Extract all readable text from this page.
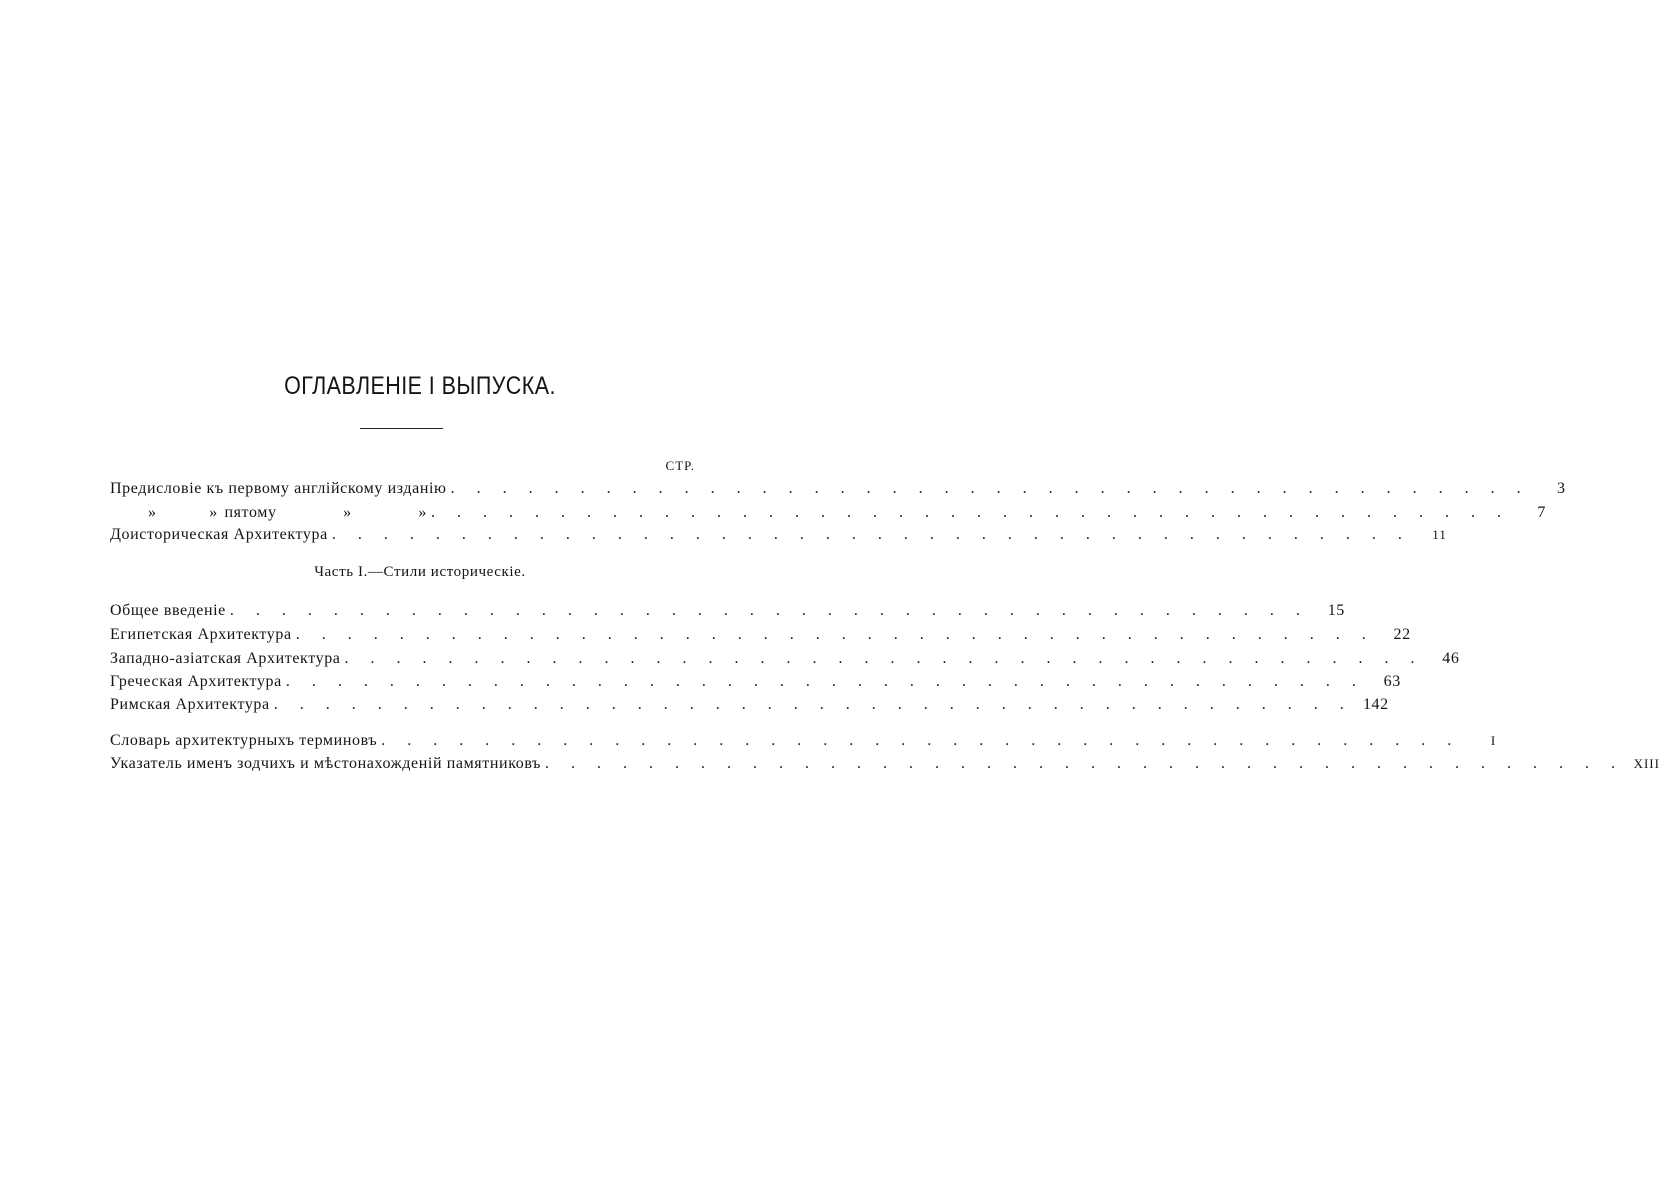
ОГЛАВЛЕНІЕ I ВЫПУСКА.
СТР.
Предисловіе къ первому англійскому изданію . . . . . . . . . . . . . . . . . . . . . . . . . . . . . . . . . . . . . . . . . .	3
»	» пятому	»	» . . . . . . . . . . . . . . . . . . . . . . . . . . . . . . . . . . . . . . . . . .	7
Доисторическая Архитектура . . . . . . . . . . . . . . . . . . . . . . . . . . . . . . . . . . . . . . . . . .	11
Часть I.—Стили историческіе.
Общее введеніе . . . . . . . . . . . . . . . . . . . . . . . . . . . . . . . . . . . . . . . . . .	15
Египетская Архитектура . . . . . . . . . . . . . . . . . . . . . . . . . . . . . . . . . . . . . . . . . .	22
Западно-азіатская Архитектура . . . . . . . . . . . . . . . . . . . . . . . . . . . . . . . . . . . . . . . . . .	46
Греческая Архитектура . . . . . . . . . . . . . . . . . . . . . . . . . . . . . . . . . . . . . . . . . .	63
Римская Архитектура . . . . . . . . . . . . . . . . . . . . . . . . . . . . . . . . . . . . . . . . . . 142
Словарь архитектурныхъ терминовъ . . . . . . . . . . . . . . . . . . . . . . . . . . . . . . . . . . . . . . . . . .	I
Указатель именъ зодчихъ и мѣстонахожденій памятниковъ . . . . . . . . . . . . . . . . . . . . . . . . . . . . . . . . . . . . . . . . . . XIII
